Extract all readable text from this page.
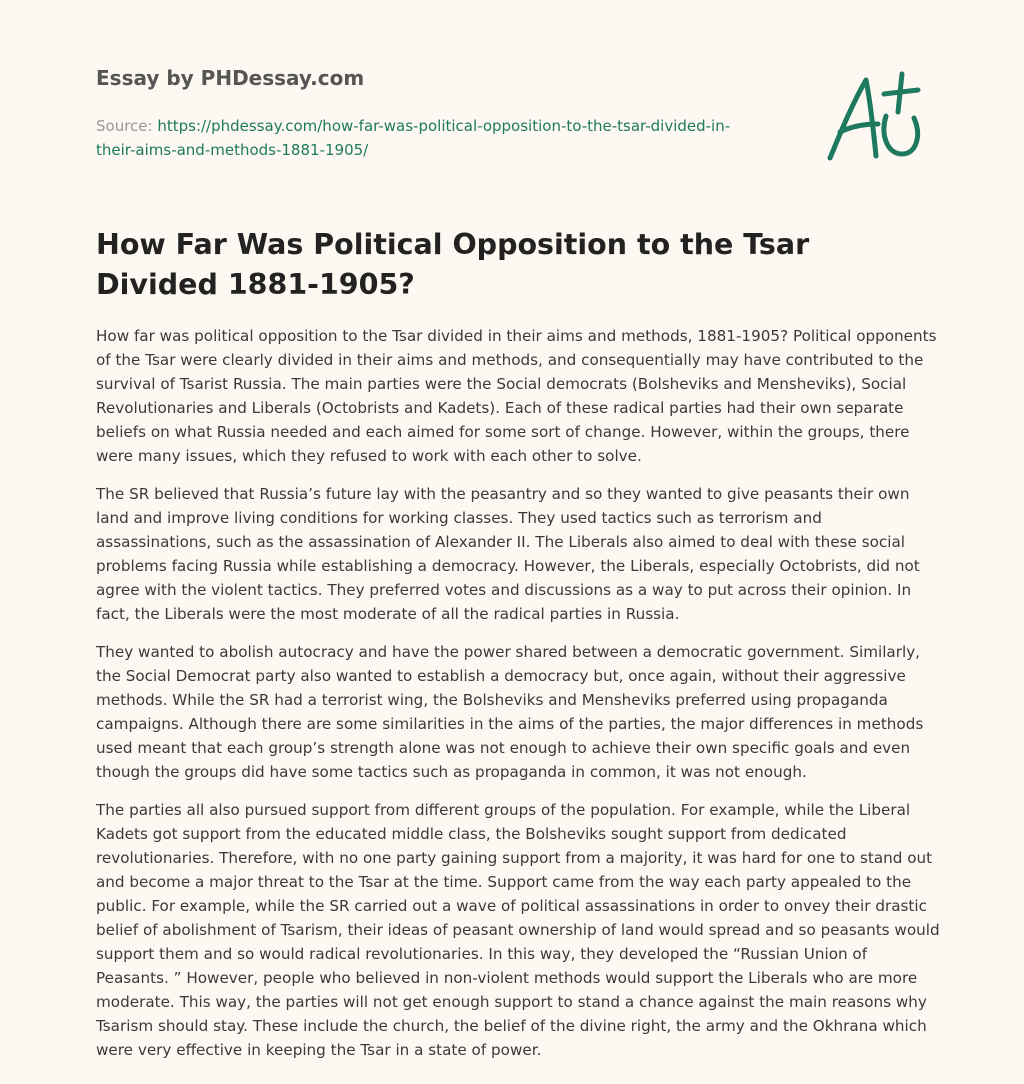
Essay by PHDessay.com
Source: https://phdessay.com/how-far-was-political-opposition-to-the-tsar-divided-in-their-aims-and-methods-1881-1905/
How Far Was Political Opposition to the Tsar Divided 1881-1905?

How far was political opposition to the Tsar divided in their aims and methods, 1881-1905? Political opponents of the Tsar were clearly divided in their aims and methods, and consequentially may have contributed to the survival of Tsarist Russia. The main parties were the Social democrats (Bolsheviks and Mensheviks), Social Revolutionaries and Liberals (Octobrists and Kadets). Each of these radical parties had their own separate beliefs on what Russia needed and each aimed for some sort of change. However, within the groups, there were many issues, which they refused to work with each other to solve.

The SR believed that Russia’s future lay with the peasantry and so they wanted to give peasants their own land and improve living conditions for working classes. They used tactics such as terrorism and assassinations, such as the assassination of Alexander II. The Liberals also aimed to deal with these social problems facing Russia while establishing a democracy. However, the Liberals, especially Octobrists, did not agree with the violent tactics. They preferred votes and discussions as a way to put across their opinion. In fact, the Liberals were the most moderate of all the radical parties in Russia.

They wanted to abolish autocracy and have the power shared between a democratic government. Similarly, the Social Democrat party also wanted to establish a democracy but, once again, without their aggressive methods. While the SR had a terrorist wing, the Bolsheviks and Mensheviks preferred using propaganda campaigns. Although there are some similarities in the aims of the parties, the major differences in methods used meant that each group’s strength alone was not enough to achieve their own specific goals and even though the groups did have some tactics such as propaganda in common, it was not enough.

The parties all also pursued support from different groups of the population. For example, while the Liberal Kadets got support from the educated middle class, the Bolsheviks sought support from dedicated revolutionaries. Therefore, with no one party gaining support from a majority, it was hard for one to stand out and become a major threat to the Tsar at the time. Support came from the way each party appealed to the public. For example, while the SR carried out a wave of political assassinations in order to onvey their drastic belief of abolishment of Tsarism, their ideas of peasant ownership of land would spread and so peasants would support them and so would radical revolutionaries. In this way, they developed the “Russian Union of Peasants. ” However, people who believed in non-violent methods would support the Liberals who are more moderate. This way, the parties will not get enough support to stand a chance against the main reasons why Tsarism should stay. These include the church, the belief of the divine right, the army and the Okhrana which were very effective in keeping the Tsar in a state of power.
